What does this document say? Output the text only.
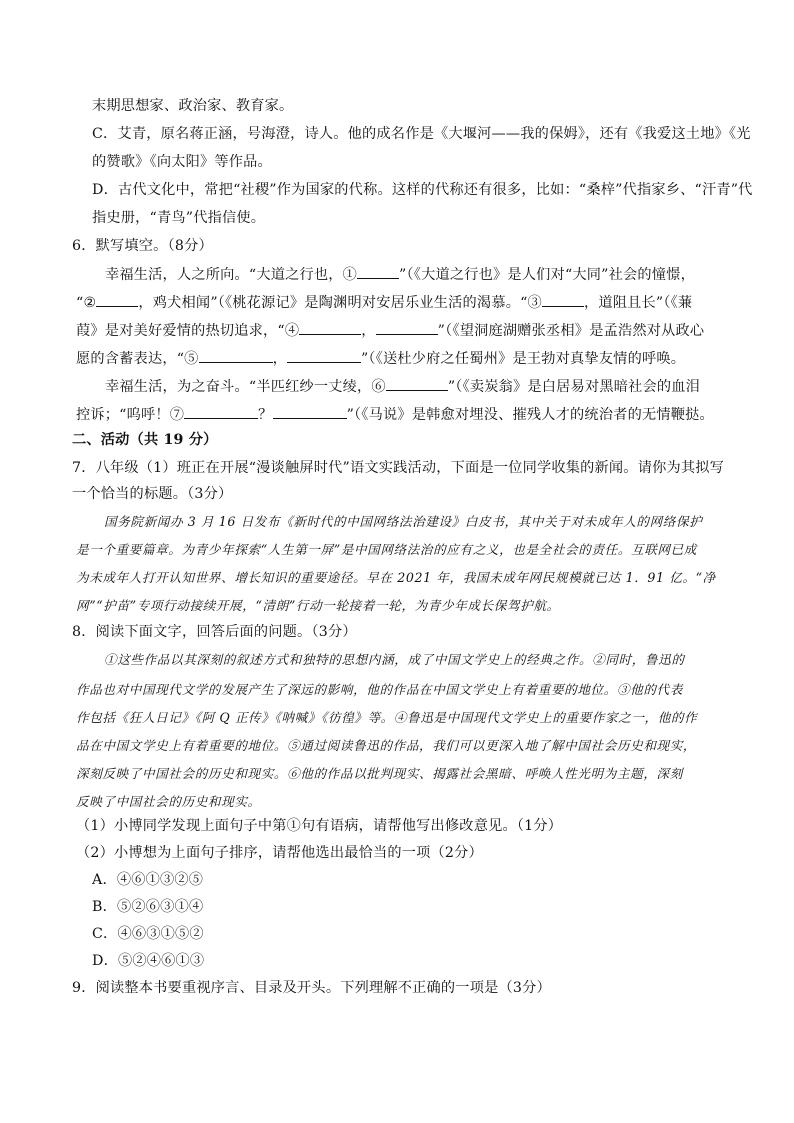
末期思想家、政治家、教育家。
C．艾青，原名蒋正涵，号海澄，诗人。他的成名作是《大堰河——我的保姆》，还有《我爱这土地》《光
的赞歌》《向太阳》等作品。
D．古代文化中，常把“社稷”作为国家的代称。这样的代称还有很多，比如：“桑梓”代指家乡、“汗青”代
指史册，“青鸟”代指信使。
6．默写填空。（8分）
幸福生活，人之所向。“大道之行也，①	”（《大道之行也》是人们对“大同”社会的憧憬，
“②	，鸡犬相闻”（《桃花源记》是陶渊明对安居乐业生活的渴慕。“③	，道阻且长”（《蒹
葭》是对美好爱情的热切追求，“④	，	”（《望洞庭湖赠张丞相》是孟浩然对从政心
愿的含蓄表达，“⑤	，	”（《送杜少府之任蜀州》是王勃对真挚友情的呼唤。
幸福生活，为之奋斗。“半匹红纱一丈绫，⑥	”（《卖炭翁》是白居易对黑暗社会的血泪
控诉；“呜呼！⑦	？	”（《马说》是韩愈对埋没、摧残人才的统治者的无情鞭挞。
二、活动（共 19 分）
7．八年级（1）班正在开展“漫谈触屏时代”语文实践活动，下面是一位同学收集的新闻。请你为其拟写
一个恰当的标题。（3分）
国务院新闻办 3 月 16 日发布《新时代的中国网络法治建设》白皮书，其中关于对未成年人的网络保护
是一个重要篇章。为青少年探索“人生第一屏”是中国网络法治的应有之义，也是全社会的责任。互联网已成
为未成年人打开认知世界、增长知识的重要途径。早在 2021 年，我国未成年网民规模就已达 1．91 亿。“净
网”“护苗”专项行动接续开展，“清朗”行动一轮接着一轮，为青少年成长保驾护航。
8．阅读下面文字，回答后面的问题。（3分）
①这些作品以其深刻的叙述方式和独特的思想内涵，成了中国文学史上的经典之作。②同时，鲁迅的
作品也对中国现代文学的发展产生了深远的影响，他的作品在中国文学史上有着重要的地位。③他的代表
作包括《狂人日记》《阿 Q 正传》《呐喊》《彷徨》等。④鲁迅是中国现代文学史上的重要作家之一，他的作
品在中国文学史上有着重要的地位。⑤通过阅读鲁迅的作品，我们可以更深入地了解中国社会历史和现实，
深刻反映了中国社会的历史和现实。⑥他的作品以批判现实、揭露社会黑暗、呼唤人性光明为主题，深刻
反映了中国社会的历史和现实。
（1）小博同学发现上面句子中第①句有语病，请帮他写出修改意见。（1分）
（2）小博想为上面句子排序，请帮他选出最恰当的一项（2分）
A．④⑥①③②⑤
B．⑤②⑥③①④
C．④⑥③①⑤②
D．⑤②④⑥①③
9．阅读整本书要重视序言、目录及开头。下列理解不正确的一项是（3分）
